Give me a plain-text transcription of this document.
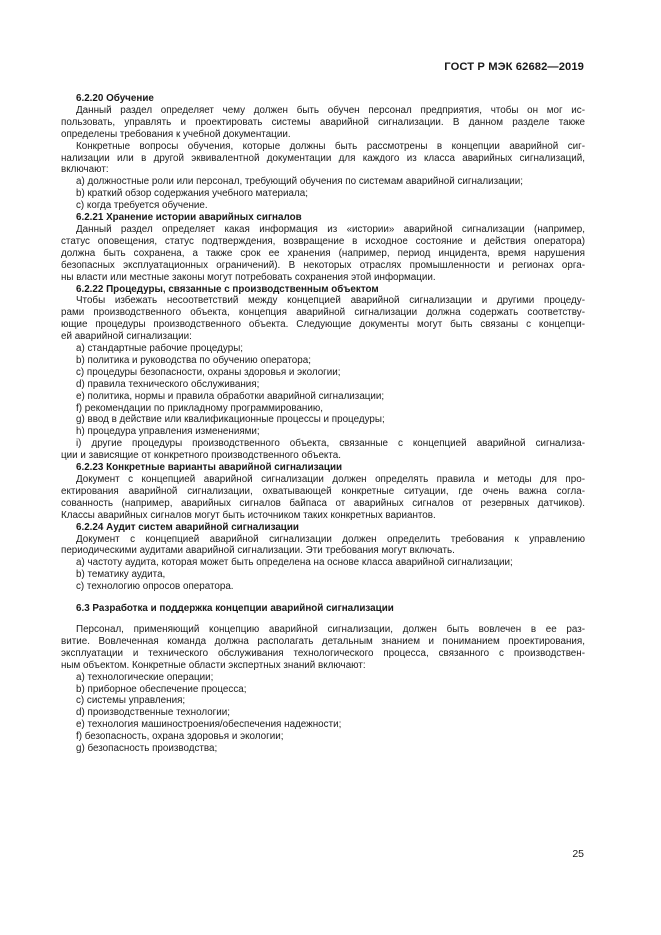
ГОСТ Р МЭК 62682—2019
6.2.20 Обучение
Данный раздел определяет чему должен быть обучен персонал предприятия, чтобы он мог ис-
пользовать, управлять и проектировать системы аварийной сигнализации. В данном разделе также
определены требования к учебной документации.
Конкретные вопросы обучения, которые должны быть рассмотрены в концепции аварийной сиг-
нализации или в другой эквивалентной документации для каждого из класса аварийных сигнализаций,
включают:
a) должностные роли или персонал, требующий обучения по системам аварийной сигнализации;
b) краткий обзор содержания учебного материала;
c) когда требуется обучение.
6.2.21 Хранение истории аварийных сигналов
Данный раздел определяет какая информация из «истории» аварийной сигнализации (например,
статус оповещения, статус подтверждения, возвращение в исходное состояние и действия оператора)
должна быть сохранена, а также срок ее хранения (например, период инцидента, время нарушения
безопасных эксплуатационных ограничений). В некоторых отраслях промышленности и регионах орга-
ны власти или местные законы могут потребовать сохранения этой информации.
6.2.22 Процедуры, связанные с производственным объектом
Чтобы избежать несоответствий между концепцией аварийной сигнализации и другими процеду-
рами производственного объекта, концепция аварийной сигнализации должна содержать соответству-
ющие процедуры производственного объекта. Следующие документы могут быть связаны с концепци-
ей аварийной сигнализации:
a) стандартные рабочие процедуры;
b) политика и руководства по обучению оператора;
c) процедуры безопасности, охраны здоровья и экологии;
d) правила технического обслуживания;
e) политика, нормы и правила обработки аварийной сигнализации;
f) рекомендации по прикладному программированию,
g) ввод в действие или квалификационные процессы и процедуры;
h) процедура управления изменениями;
i) другие процедуры производственного объекта, связанные с концепцией аварийной сигнализа-
ции и зависящие от конкретного производственного объекта.
6.2.23 Конкретные варианты аварийной сигнализации
Документ с концепцией аварийной сигнализации должен определять правила и методы для про-
ектирования аварийной сигнализации, охватывающей конкретные ситуации, где очень важна согла-
сованность (например, аварийных сигналов байпаса от аварийных сигналов от резервных датчиков).
Классы аварийных сигналов могут быть источником таких конкретных вариантов.
6.2.24 Аудит систем аварийной сигнализации
Документ с концепцией аварийной сигнализации должен определить требования к управлению
периодическими аудитами аварийной сигнализации. Эти требования могут включать.
a) частоту аудита, которая может быть определена на основе класса аварийной сигнализации;
b) тематику аудита,
c) технологию опросов оператора.
6.3 Разработка и поддержка концепции аварийной сигнализации
Персонал, применяющий концепцию аварийной сигнализации, должен быть вовлечен в ее раз-
витие. Вовлеченная команда должна располагать детальным знанием и пониманием проектирования,
эксплуатации и технического обслуживания технологического процесса, связанного с производствен-
ным объектом. Конкретные области экспертных знаний включают:
a) технологические операции;
b) приборное обеспечение процесса;
c) системы управления;
d) производственные технологии;
e) технология машиностроения/обеспечения надежности;
f) безопасность, охрана здоровья и экологии;
g) безопасность производства;
25
